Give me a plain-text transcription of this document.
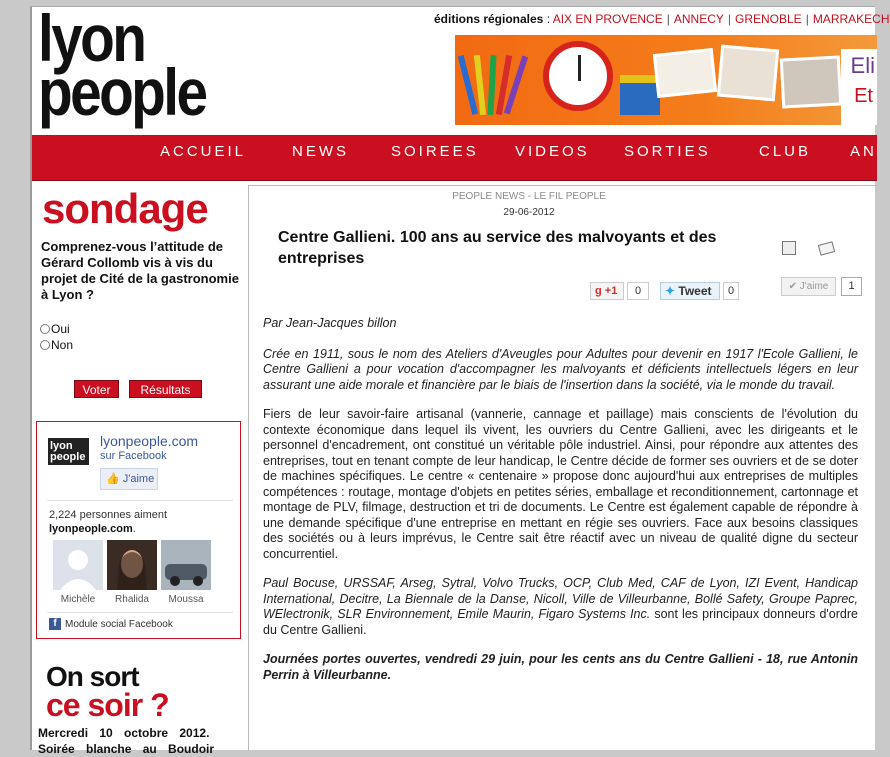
lyon
people
éditions régionales : AIX EN PROVENCE | ANNECY | GRENOBLE | MARRAKECH
Eli
Et
ACCUEIL	NEWS	SOIREES VIDEOS SORTIES	CLUB	AN
sondage
Comprenez-vous l’attitude de Gérard Collomb vis à vis du projet de Cité de la gastronomie à Lyon ?
Oui
Non
Voter	Résultats
lyon
people
lyonpeople.com
sur Facebook
👍 J'aime
2,224 personnes aiment
lyonpeople.com.
Michèle	Rhalida	Moussa
f Module social Facebook
On sort
ce soir ?
Mercredi 10 octobre 2012. Soirée blanche au Boudoir
PEOPLE NEWS - LE FIL PEOPLE
29-06-2012
Centre Gallieni. 100 ans au service des malvoyants et des entreprises
g +1	0	✦ Tweet	0	✔ J'aime	1

Par Jean-Jacques billon

Crée en 1911, sous le nom des Ateliers d'Aveugles pour Adultes pour devenir en 1917 l'Ecole Gallieni, le Centre Gallieni a pour vocation d'accompagner les malvoyants et déficients intellectuels légers en leur assurant une aide morale et financière par le biais de l'insertion dans la société, via le monde du travail.

Fiers de leur savoir-faire artisanal (vannerie, cannage et paillage) mais conscients de l'évolution du contexte économique dans lequel ils vivent, les ouvriers du Centre Gallieni, avec les dirigeants et le personnel d'encadrement, ont constitué un véritable pôle industriel. Ainsi, pour répondre aux attentes des entreprises, tout en tenant compte de leur handicap, le Centre décide de former ses ouvriers et de se doter de machines spécifiques. Le centre « centenaire » propose donc aujourd'hui aux entreprises de multiples compétences : routage, montage d'objets en petites séries, emballage et reconditionnement, cartonnage et montage de PLV, filmage, destruction et tri de documents. Le Centre est également capable de répondre à une demande spécifique d'une entreprise en mettant en régie ses ouvriers. Face aux besoins classiques des sociétés ou à leurs imprévus, le Centre sait être réactif avec un niveau de qualité digne du secteur concurrentiel.

Paul Bocuse, URSSAF, Arseg, Sytral, Volvo Trucks, OCP, Club Med, CAF de Lyon, IZI Event, Handicap International, Decitre, La Biennale de la Danse, Nicoll, Ville de Villeurbanne, Bollé Safety, Groupe Paprec, WElectronik, SLR Environnement, Emile Maurin, Figaro Systems Inc. sont les principaux donneurs d'ordre du Centre Gallieni.

Journées portes ouvertes, vendredi 29 juin, pour les cents ans du Centre Gallieni - 18, rue Antonin Perrin à Villeurbanne.
